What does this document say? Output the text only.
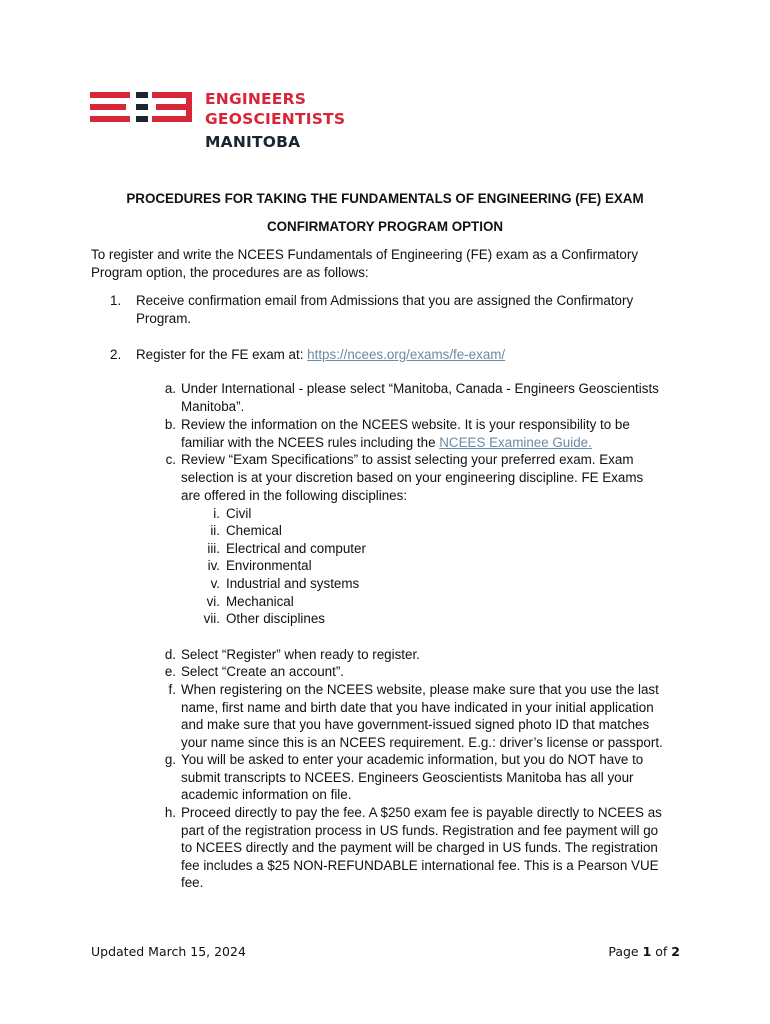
ENGINEERS
GEOSCIENTISTS
MANITOBA
PROCEDURES FOR TAKING THE FUNDAMENTALS OF ENGINEERING (FE) EXAM
CONFIRMATORY PROGRAM OPTION
To register and write the NCEES Fundamentals of Engineering (FE) exam as a Confirmatory
Program option, the procedures are as follows:
1. Receive confirmation email from Admissions that you are assigned the Confirmatory
Program.
2. Register for the FE exam at: https://ncees.org/exams/fe-exam/
a. Under International - please select “Manitoba, Canada - Engineers Geoscientists
Manitoba”.
b. Review the information on the NCEES website. It is your responsibility to be
familiar with the NCEES rules including the NCEES Examinee Guide.
c. Review “Exam Specifications” to assist selecting your preferred exam. Exam
selection is at your discretion based on your engineering discipline. FE Exams
are offered in the following disciplines:
i. Civil
ii. Chemical
iii. Electrical and computer
iv. Environmental
v. Industrial and systems
vi. Mechanical
vii. Other disciplines
d. Select “Register” when ready to register.
e. Select “Create an account”.
f. When registering on the NCEES website, please make sure that you use the last
name, first name and birth date that you have indicated in your initial application
and make sure that you have government-issued signed photo ID that matches
your name since this is an NCEES requirement. E.g.: driver’s license or passport.
g. You will be asked to enter your academic information, but you do NOT have to
submit transcripts to NCEES. Engineers Geoscientists Manitoba has all your
academic information on file.
h. Proceed directly to pay the fee. A $250 exam fee is payable directly to NCEES as
part of the registration process in US funds. Registration and fee payment will go
to NCEES directly and the payment will be charged in US funds. The registration
fee includes a $25 NON-REFUNDABLE international fee. This is a Pearson VUE
fee.
Updated March 15, 2024	Page 1 of 2
